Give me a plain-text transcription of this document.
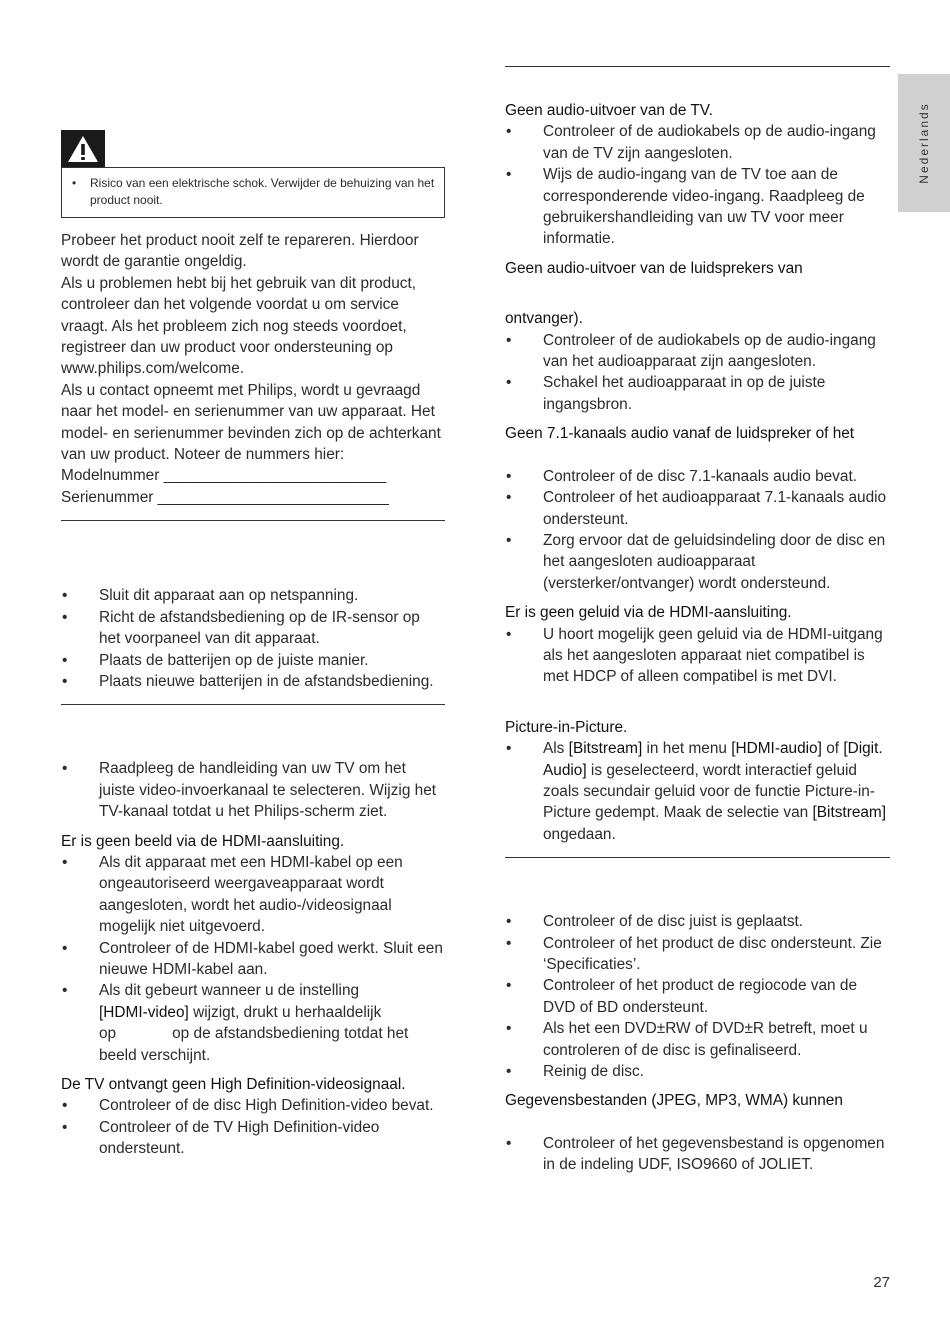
Nederlands
• Risico van een elektrische schok. Verwijder de behuizing van het product nooit.

Probeer het product nooit zelf te repareren. Hierdoor wordt de garantie ongeldig.

Als u problemen hebt bij het gebruik van dit product, controleer dan het volgende voordat u om service vraagt. Als het probleem zich nog steeds voordoet, registreer dan uw product voor ondersteuning op www.philips.com/welcome.

Als u contact opneemt met Philips, wordt u gevraagd naar het model- en serienummer van uw apparaat. Het model- en serienummer bevinden zich op de achterkant van uw product. Noteer de nummers hier:

Modelnummer __________________________

Serienummer ___________________________

• Sluit dit apparaat aan op netspanning.
• Richt de afstandsbediening op de IR-sensor op het voorpaneel van dit apparaat.
• Plaats de batterijen op de juiste manier.
• Plaats nieuwe batterijen in de afstandsbediening.
• Raadpleeg de handleiding van uw TV om het juiste video-invoerkanaal te selecteren. Wijzig het TV-kanaal totdat u het Philips-scherm ziet.

Er is geen beeld via de HDMI-aansluiting.

• Als dit apparaat met een HDMI-kabel op een ongeautoriseerd weergaveapparaat wordt aangesloten, wordt het audio-/videosignaal mogelijk niet uitgevoerd.
• Controleer of de HDMI-kabel goed werkt. Sluit een nieuwe HDMI-kabel aan.
• Als dit gebeurt wanneer u de instelling
[HDMI-video] wijzigt, drukt u herhaaldelijk
op	op de afstandsbediening totdat het beeld verschijnt.

De TV ontvangt geen High Definition-videosignaal.

• Controleer of de disc High Definition-video bevat.
• Controleer of de TV High Definition-video ondersteunt.

Geen audio-uitvoer van de TV.

• Controleer of de audiokabels op de audio-ingang van de TV zijn aangesloten.
• Wijs de audio-ingang van de TV toe aan de corresponderende video-ingang. Raadpleeg de gebruikershandleiding van uw TV voor meer informatie.

Geen audio-uitvoer van de luidsprekers van

ontvanger).

• Controleer of de audiokabels op de audio-ingang van het audioapparaat zijn aangesloten.
• Schakel het audioapparaat in op de juiste ingangsbron.

Geen 7.1-kanaals audio vanaf de luidspreker of het

• Controleer of de disc 7.1-kanaals audio bevat.
• Controleer of het audioapparaat 7.1-kanaals audio ondersteunt.
• Zorg ervoor dat de geluidsindeling door de disc en het aangesloten audioapparaat (versterker/ontvanger) wordt ondersteund.

Er is geen geluid via de HDMI-aansluiting.

• U hoort mogelijk geen geluid via de HDMI-uitgang als het aangesloten apparaat niet compatibel is met HDCP of alleen compatibel is met DVI.

Picture-in-Picture.

• Als [Bitstream] in het menu [HDMI-audio] of [Digit. Audio] is geselecteerd, wordt interactief geluid zoals secundair geluid voor de functie Picture-in-Picture gedempt. Maak de selectie van [Bitstream] ongedaan.
• Controleer of de disc juist is geplaatst.
• Controleer of het product de disc ondersteunt. Zie ‘Specificaties’.
• Controleer of het product de regiocode van de DVD of BD ondersteunt.
• Als het een DVD±RW of DVD±R betreft, moet u controleren of de disc is gefinaliseerd.
• Reinig de disc.

Gegevensbestanden (JPEG, MP3, WMA) kunnen

• Controleer of het gegevensbestand is opgenomen in de indeling UDF, ISO9660 of JOLIET.
27
